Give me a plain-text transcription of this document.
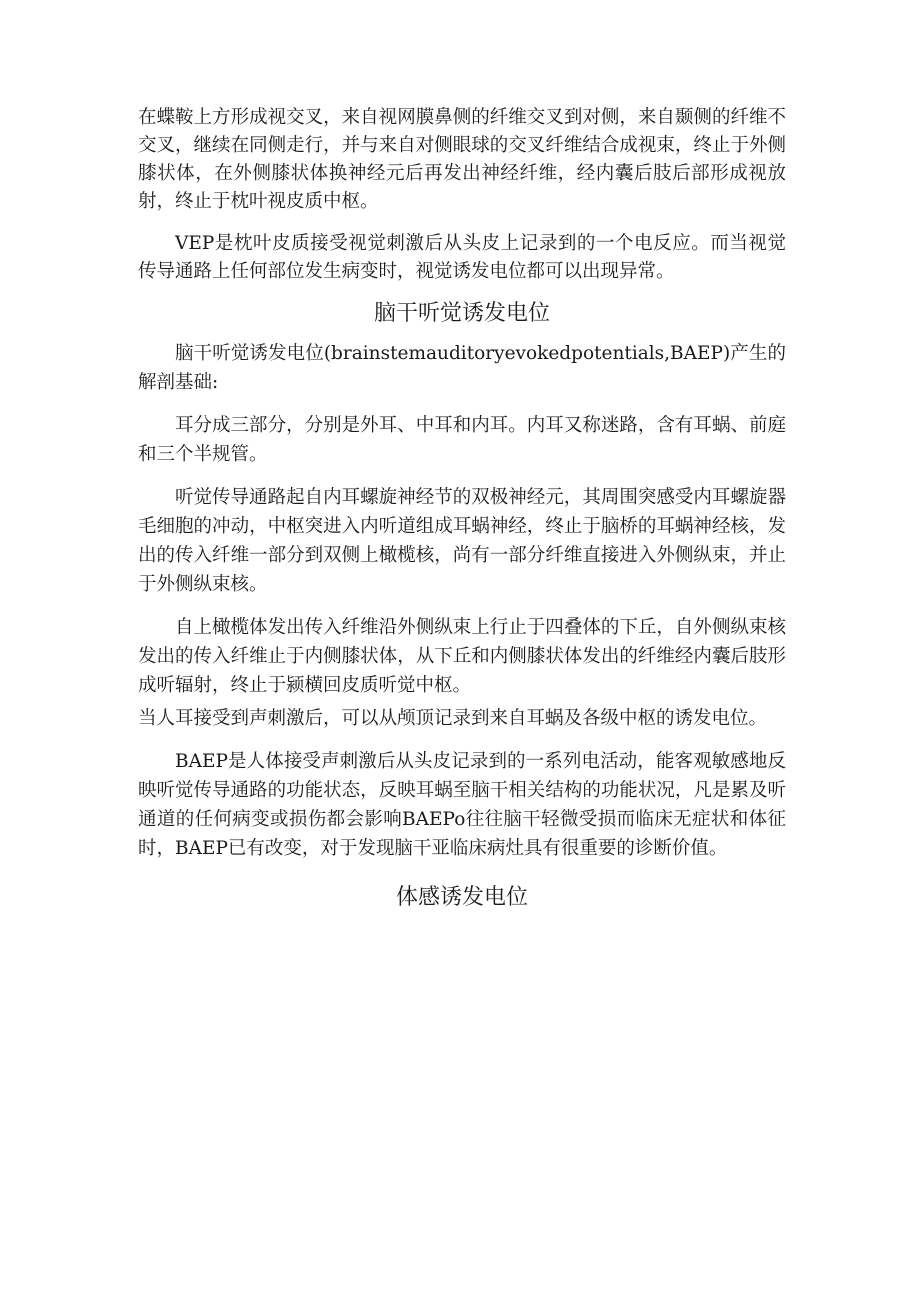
在蝶鞍上方形成视交叉，来自视网膜鼻侧的纤维交叉到对侧，来自颞侧的纤维不交叉，继续在同侧走行，并与来自对侧眼球的交叉纤维结合成视束，终止于外侧膝状体，在外侧膝状体换神经元后再发出神经纤维，经内囊后肢后部形成视放射，终止于枕叶视皮质中枢。

VEP是枕叶皮质接受视觉刺激后从头皮上记录到的一个电反应。而当视觉传导通路上任何部位发生病变时，视觉诱发电位都可以出现异常。

脑干听觉诱发电位

脑干听觉诱发电位(brainstemauditoryevokedpotentials,BAEP)产生的解剖基础:

耳分成三部分，分别是外耳、中耳和内耳。内耳又称迷路，含有耳蜗、前庭和三个半规管。

听觉传导通路起自内耳螺旋神经节的双极神经元，其周围突感受内耳螺旋器毛细胞的冲动，中枢突进入内听道组成耳蜗神经，终止于脑桥的耳蜗神经核，发出的传入纤维一部分到双侧上橄榄核，尚有一部分纤维直接进入外侧纵束，并止于外侧纵束核。

自上橄榄体发出传入纤维沿外侧纵束上行止于四叠体的下丘，自外侧纵束核发出的传入纤维止于内侧膝状体，从下丘和内侧膝状体发出的纤维经内囊后肢形成听辐射，终止于颍横回皮质听觉中枢。

当人耳接受到声刺激后，可以从颅顶记录到来自耳蜗及各级中枢的诱发电位。

BAEP是人体接受声刺激后从头皮记录到的一系列电活动，能客观敏感地反映听觉传导通路的功能状态，反映耳蜗至脑干相关结构的功能状况，凡是累及听通道的任何病变或损伤都会影响BAEPo往往脑干轻微受损而临床无症状和体征时，BAEP已有改变，对于发现脑干亚临床病灶具有很重要的诊断价值。

体感诱发电位
